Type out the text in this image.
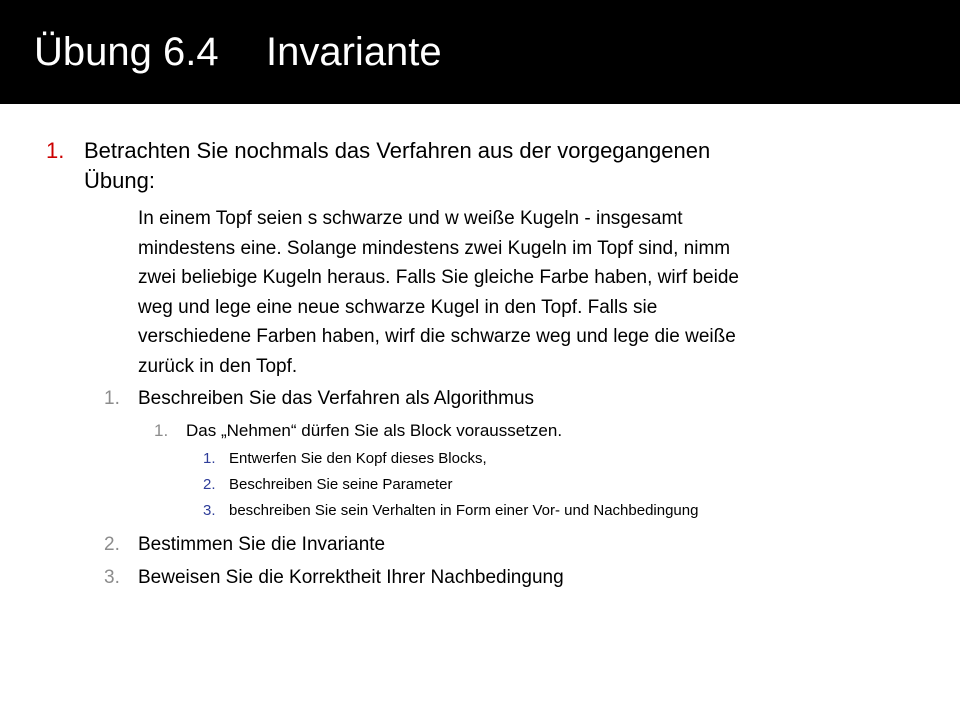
Übung 6.4 Invariante
1. Betrachten Sie nochmals das Verfahren aus der vorgegangenen
Übung:
In einem Topf seien s schwarze und w weiße Kugeln - insgesamt
mindestens eine. Solange mindestens zwei Kugeln im Topf sind, nimm
zwei beliebige Kugeln heraus. Falls Sie gleiche Farbe haben, wirf beide
weg und lege eine neue schwarze Kugel in den Topf. Falls sie
verschiedene Farben haben, wirf die schwarze weg und lege die weiße
zurück in den Topf.
1. Beschreiben Sie das Verfahren als Algorithmus
1. Das „Nehmen“ dürfen Sie als Block voraussetzen.
1. Entwerfen Sie den Kopf dieses Blocks,
2. Beschreiben Sie seine Parameter
3. beschreiben Sie sein Verhalten in Form einer Vor- und Nachbedingung
2. Bestimmen Sie die Invariante
3. Beweisen Sie die Korrektheit Ihrer Nachbedingung
